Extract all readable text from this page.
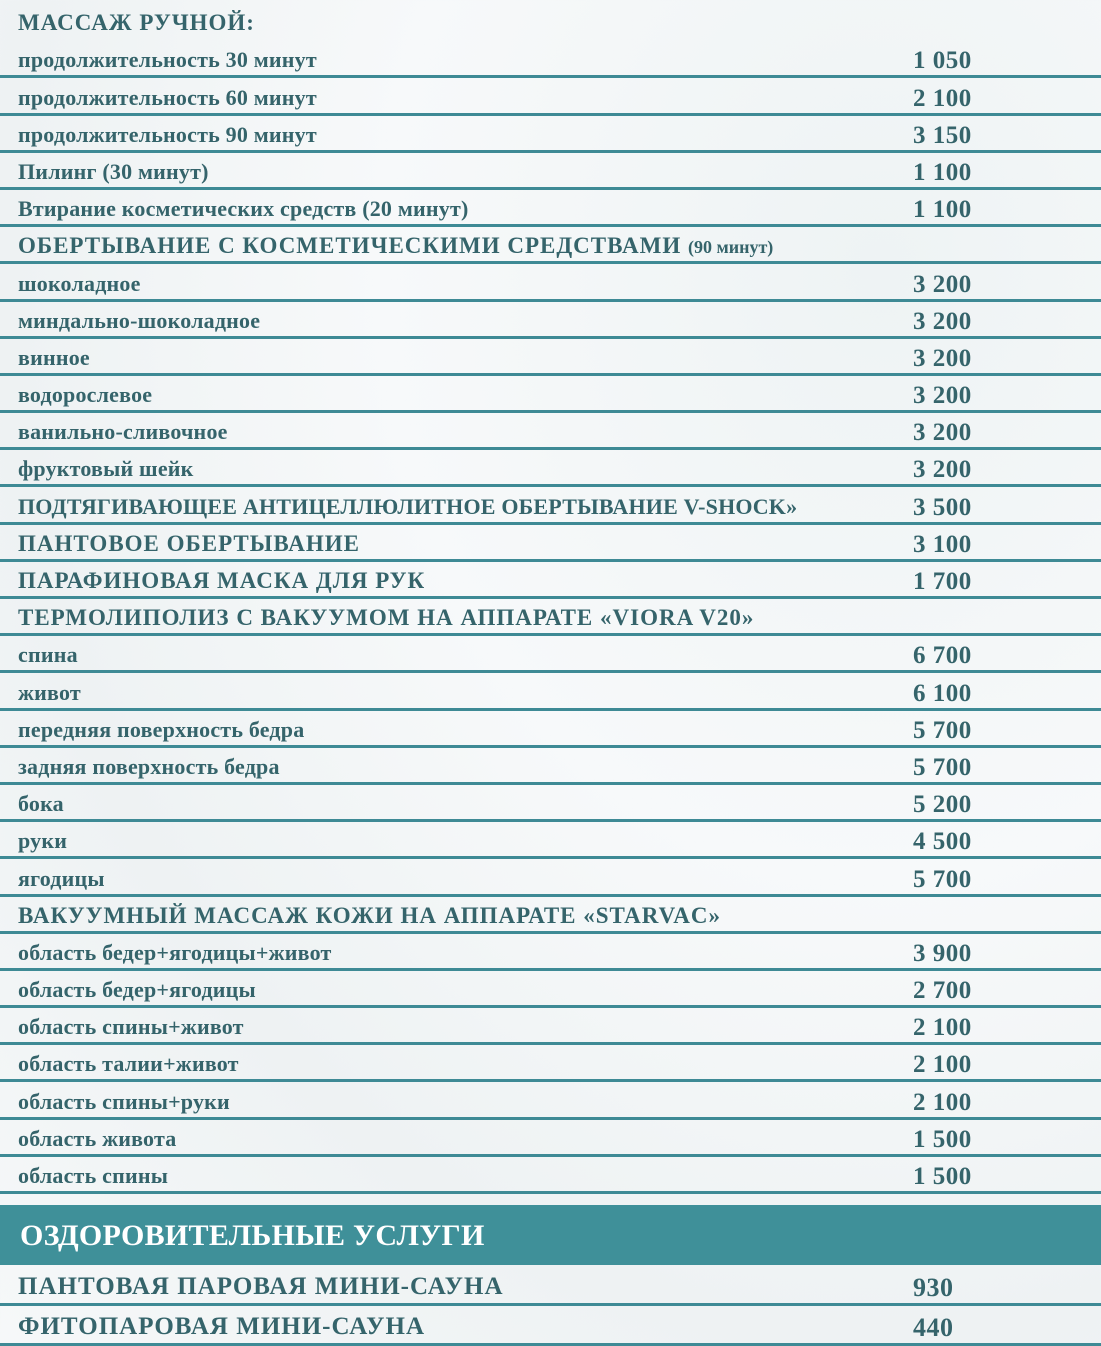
МАССАЖ РУЧНОЙ:
продолжительность 30 минут	1 050
продолжительность 60 минут	2 100
продолжительность 90 минут	3 150
Пилинг (30 минут)	1 100
Втирание косметических средств (20 минут)	1 100
ОБЕРТЫВАНИЕ С КОСМЕТИЧЕСКИМИ СРЕДСТВАМИ (90 минут)
шоколадное	3 200
миндально-шоколадное	3 200
винное	3 200
водорослевое	3 200
ванильно-сливочное	3 200
фруктовый шейк	3 200
ПОДТЯГИВАЮЩЕЕ АНТИЦЕЛЛЮЛИТНОЕ ОБЕРТЫВАНИЕ V-SHOCK»	3 500
ПАНТОВОЕ ОБЕРТЫВАНИЕ	3 100
ПАРАФИНОВАЯ МАСКА ДЛЯ РУК	1 700
ТЕРМОЛИПОЛИЗ С ВАКУУМОМ НА АППАРАТЕ «VIORA V20»
спина	6 700
живот	6 100
передняя поверхность бедра	5 700
задняя поверхность бедра	5 700
бока	5 200
руки	4 500
ягодицы	5 700
ВАКУУМНЫЙ МАССАЖ КОЖИ НА АППАРАТЕ «STARVAC»
область бедер+ягодицы+живот	3 900
область бедер+ягодицы	2 700
область спины+живот	2 100
область талии+живот	2 100
область спины+руки	2 100
область живота	1 500
область спины	1 500
ОЗДОРОВИТЕЛЬНЫЕ УСЛУГИ
ПАНТОВАЯ ПАРОВАЯ МИНИ-САУНА	930
ФИТОПАРОВАЯ МИНИ-САУНА	440
